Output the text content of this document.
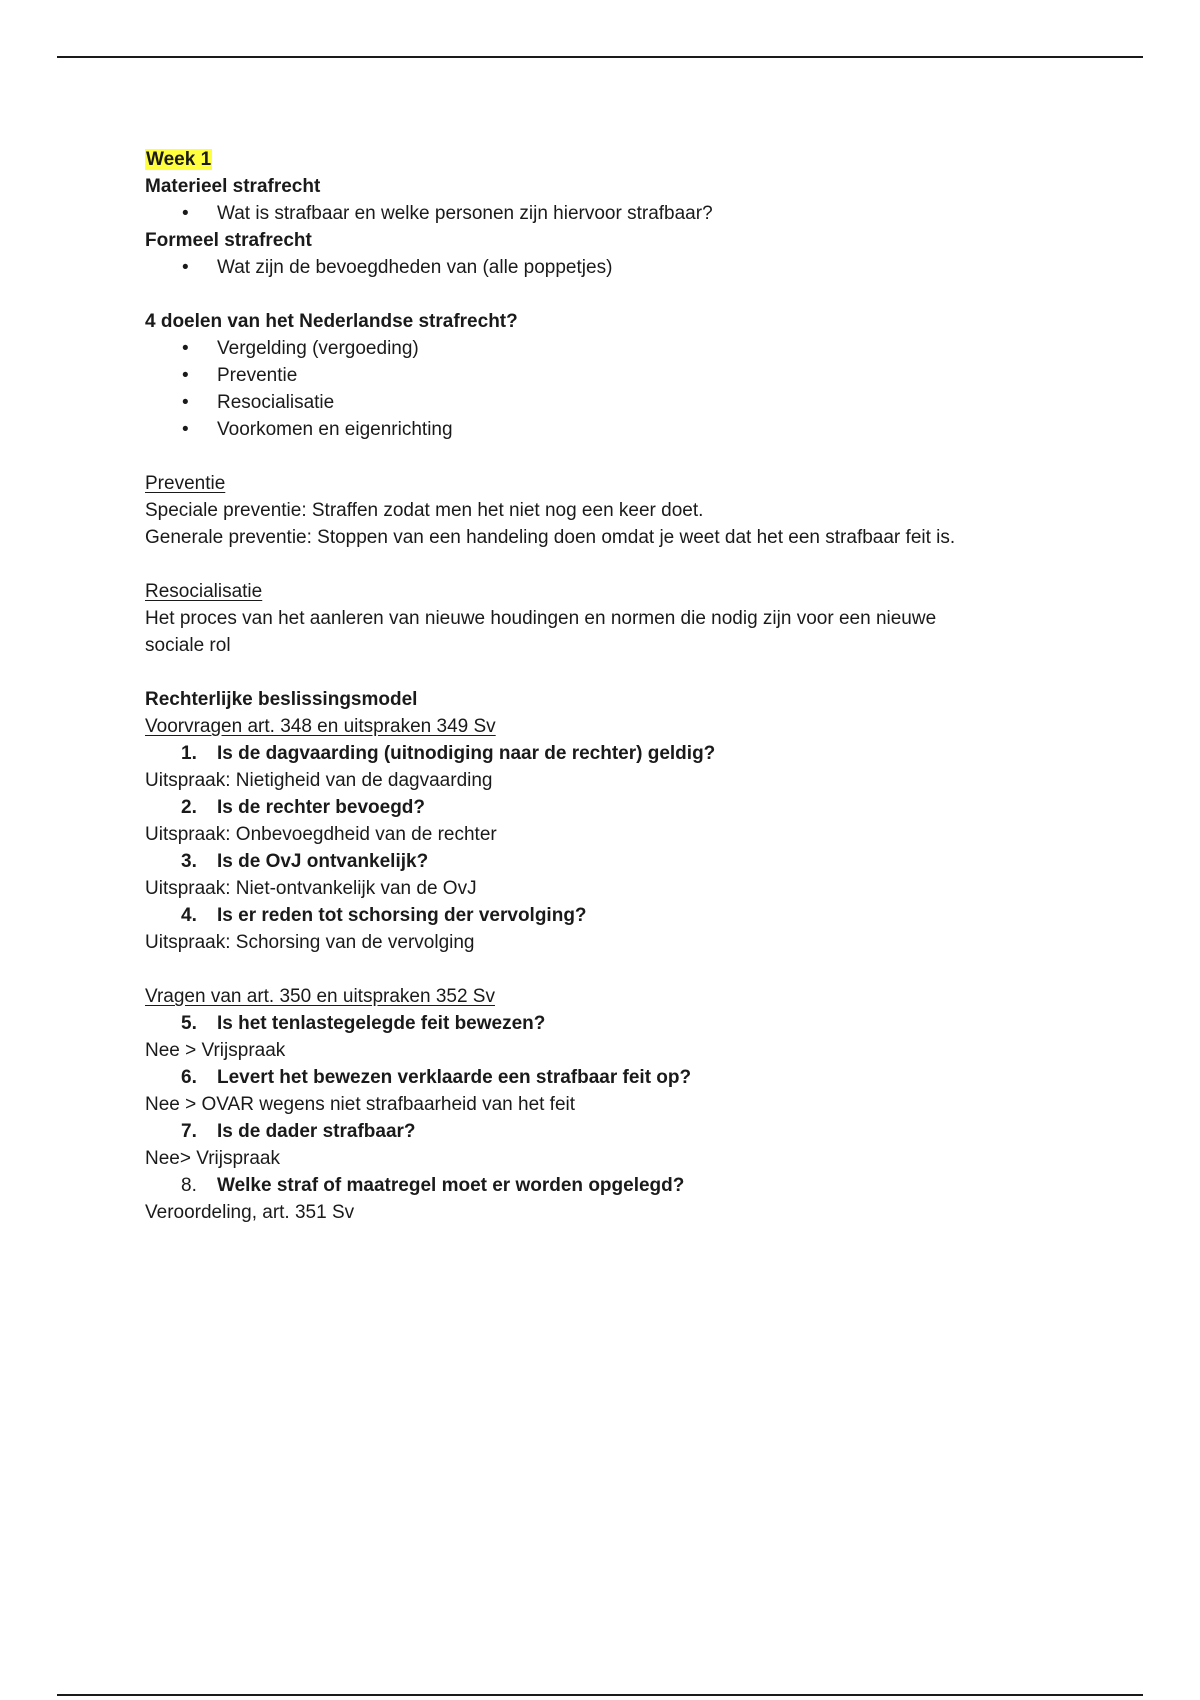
Week 1
Materieel strafrecht
• Wat is strafbaar en welke personen zijn hiervoor strafbaar?
Formeel strafrecht
• Wat zijn de bevoegdheden van (alle poppetjes)
4 doelen van het Nederlandse strafrecht?
• Vergelding (vergoeding)
• Preventie
• Resocialisatie
• Voorkomen en eigenrichting
Preventie
Speciale preventie: Straffen zodat men het niet nog een keer doet.
Generale preventie: Stoppen van een handeling doen omdat je weet dat het een strafbaar feit is.
Resocialisatie
Het proces van het aanleren van nieuwe houdingen en normen die nodig zijn voor een nieuwe
sociale rol
Rechterlijke beslissingsmodel
Voorvragen art. 348 en uitspraken 349 Sv
1.	Is de dagvaarding (uitnodiging naar de rechter) geldig?
Uitspraak: Nietigheid van de dagvaarding
2.	Is de rechter bevoegd?
Uitspraak: Onbevoegdheid van de rechter
3.	Is de OvJ ontvankelijk?
Uitspraak: Niet-ontvankelijk van de OvJ
4.	Is er reden tot schorsing der vervolging?
Uitspraak: Schorsing van de vervolging
Vragen van art. 350 en uitspraken 352 Sv
5.	Is het tenlastegelegde feit bewezen?
Nee > Vrijspraak
6.	Levert het bewezen verklaarde een strafbaar feit op?
Nee > OVAR wegens niet strafbaarheid van het feit
7.	Is de dader strafbaar?
Nee> Vrijspraak
8.	Welke straf of maatregel moet er worden opgelegd?
Veroordeling, art. 351 Sv
